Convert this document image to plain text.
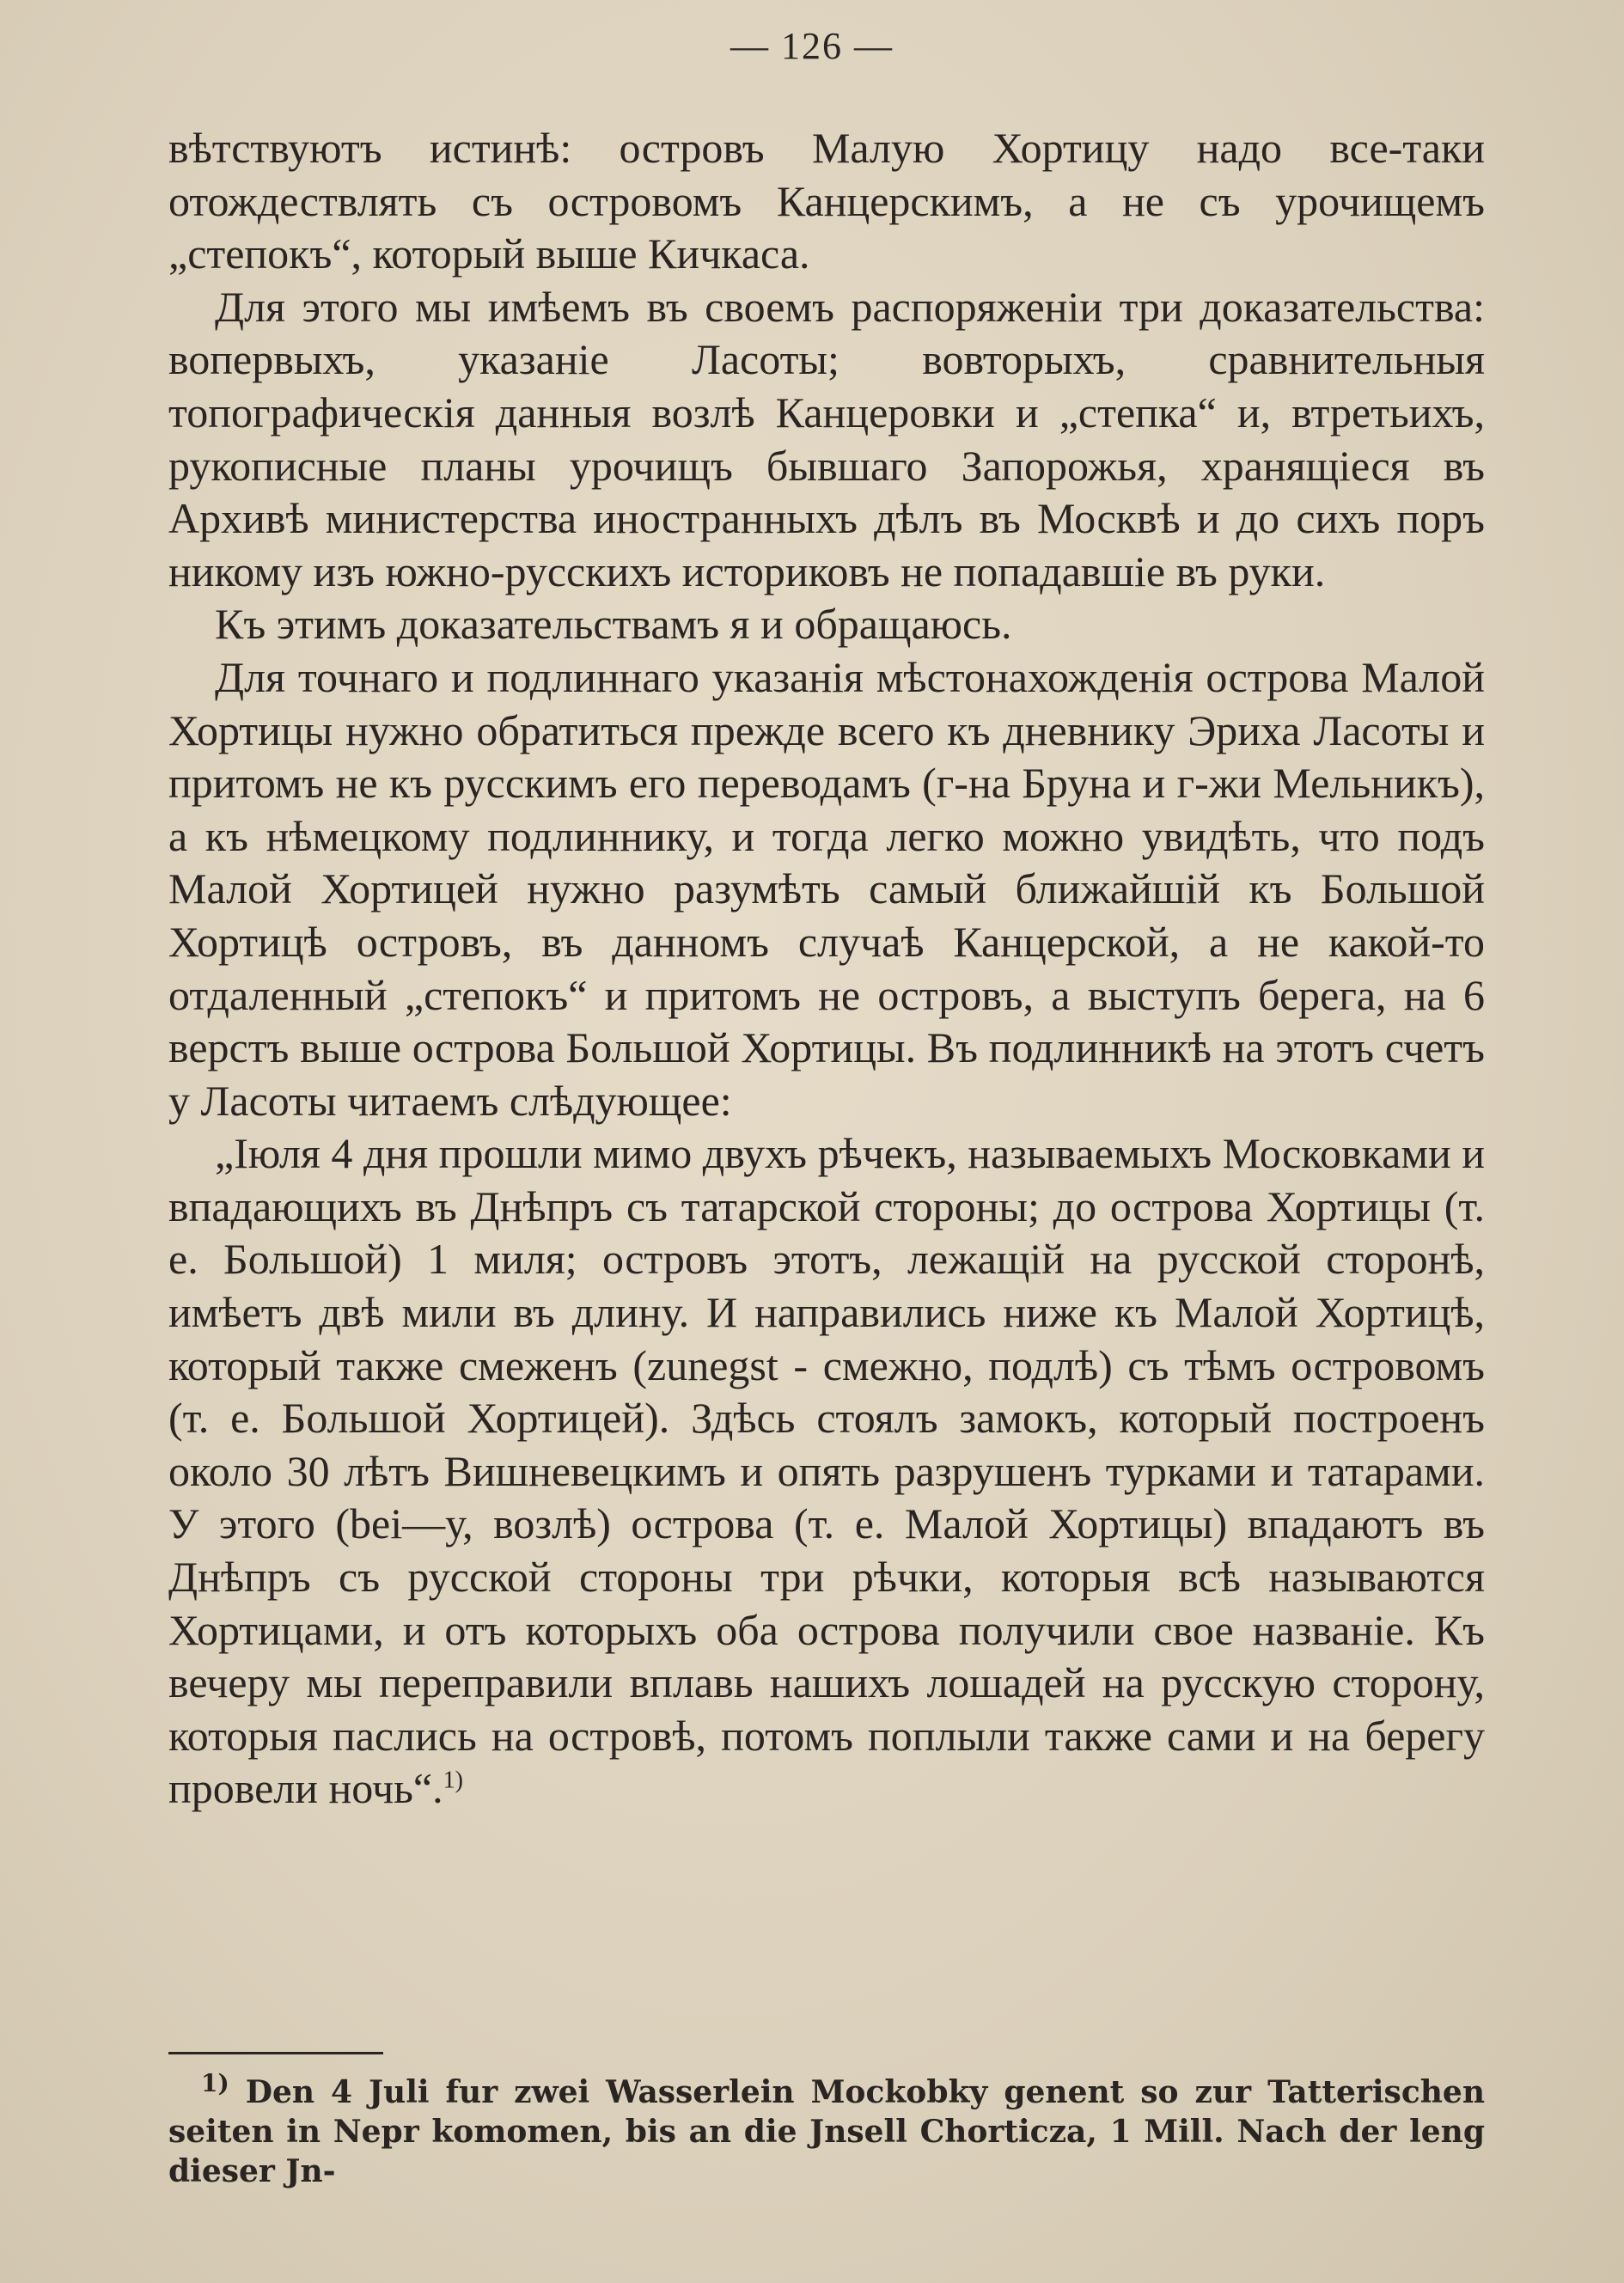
— 126 —

вѣтствуютъ истинѣ: островъ Малую Хортицу надо все-таки отождествлять съ островомъ Канцерскимъ, а не съ урочищемъ „степокъ“, который выше Кичкаса.

Для этого мы имѣемъ въ своемъ распоряженіи три доказательства: вопервыхъ, указаніе Ласоты; вовторыхъ, сравнительныя топографическія данныя возлѣ Канцеровки и „степка“ и, втретьихъ, рукописные планы урочищъ бывшаго Запорожья, хранящіеся въ Архивѣ министерства иностранныхъ дѣлъ въ Москвѣ и до сихъ поръ никому изъ южно-русскихъ историковъ не попадавшіе въ руки.

Къ этимъ доказательствамъ я и обращаюсь.

Для точнаго и подлиннаго указанія мѣстонахожденія острова Малой Хортицы нужно обратиться прежде всего къ дневнику Эриха Ласоты и притомъ не къ русскимъ его переводамъ (г-на Бруна и г-жи Мельникъ), а къ нѣмецкому подлиннику, и тогда легко можно увидѣть, что подъ Малой Хортицей нужно разумѣть самый ближайшій къ Большой Хортицѣ островъ, въ данномъ случаѣ Канцерской, а не какой-то отдаленный „степокъ“ и притомъ не островъ, а выступъ берега, на 6 верстъ выше острова Большой Хортицы. Въ подлинникѣ на этотъ счетъ у Ласоты читаемъ слѣдующее:

„Іюля 4 дня прошли мимо двухъ рѣчекъ, называемыхъ Московками и впадающихъ въ Днѣпръ съ татарской стороны; до острова Хортицы (т. е. Большой) 1 миля; островъ этотъ, лежащій на русской сторонѣ, имѣетъ двѣ мили въ длину. И направились ниже къ Малой Хортицѣ, который также смеженъ (zunegst - смежно, подлѣ) съ тѣмъ островомъ (т. е. Большой Хортицей). Здѣсь стоялъ замокъ, который построенъ около 30 лѣтъ Вишневецкимъ и опять разрушенъ турками и татарами. У этого (bei—у, возлѣ) острова (т. е. Малой Хортицы) впадаютъ въ Днѣпръ съ русской стороны три рѣчки, которыя всѣ называются Хортицами, и отъ которыхъ оба острова получили свое названіе. Къ вечеру мы переправили вплавь нашихъ лошадей на русскую сторону, которыя паслись на островѣ, потомъ поплыли также сами и на берегу провели ночь“.$^{1)}$

$^{1)}$ Den 4 Juli fur zwei Wasserlein Mockobky genent so zur Tatterischen seiten in Nepr komomen, bis an die Jnsell Chorticza, 1 Mill. Nach der leng dieser Jn-
